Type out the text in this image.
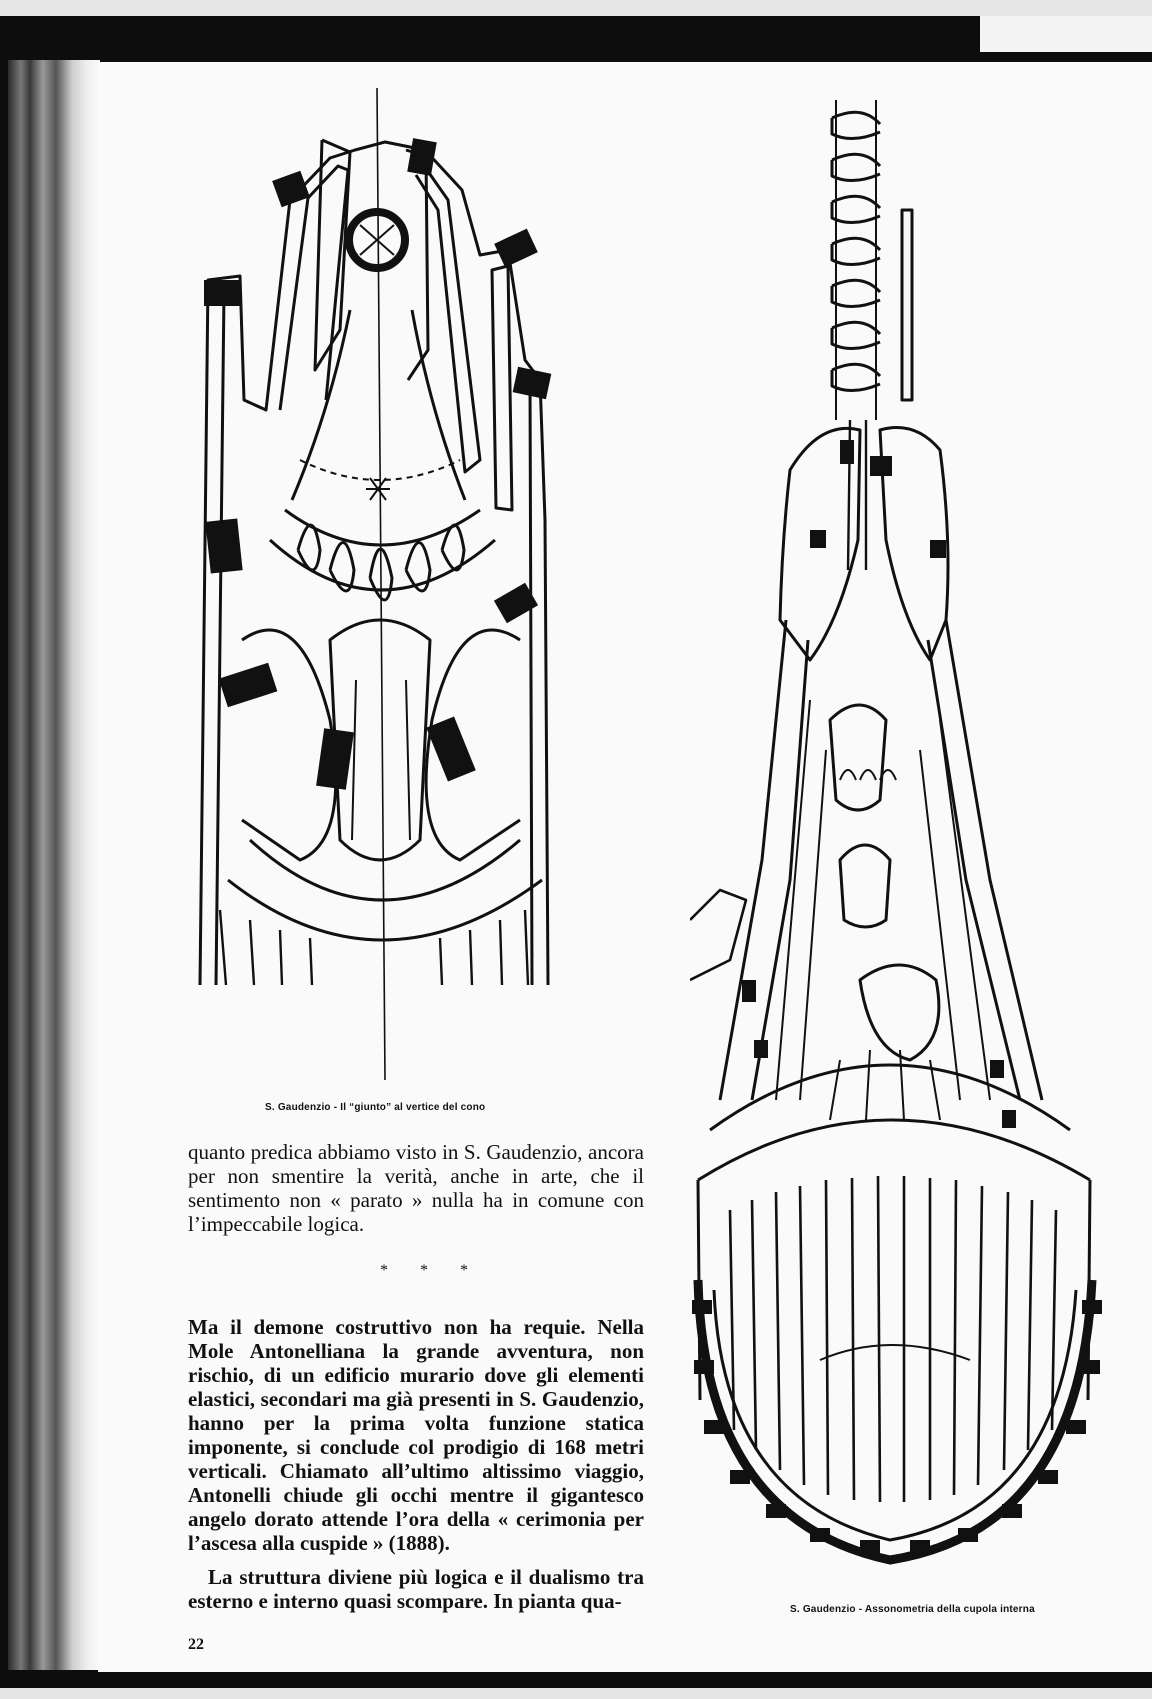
S. Gaudenzio - Il “giunto” al vertice del cono
S. Gaudenzio - Assonometria della cupola interna

quanto predica abbiamo visto in S. Gaudenzio, ancora per non smentire la verità, anche in arte, che il sentimento non « parato » nulla ha in comune con l’impeccabile logica.

* * *

Ma il demone costruttivo non ha requie. Nella Mole Antonelliana la grande avventura, non rischio, di un edificio murario dove gli elementi elastici, secondari ma già presenti in S. Gaudenzio, hanno per la prima volta funzione statica imponente, si conclude col prodigio di 168 metri verticali. Chiamato all’ultimo altissimo viaggio, Antonelli chiude gli occhi mentre il gigantesco angelo dorato attende l’ora della « cerimonia per l’ascesa alla cuspide » (1888).

La struttura diviene più logica e il dualismo tra esterno e interno quasi scompare. In pianta qua-

22
